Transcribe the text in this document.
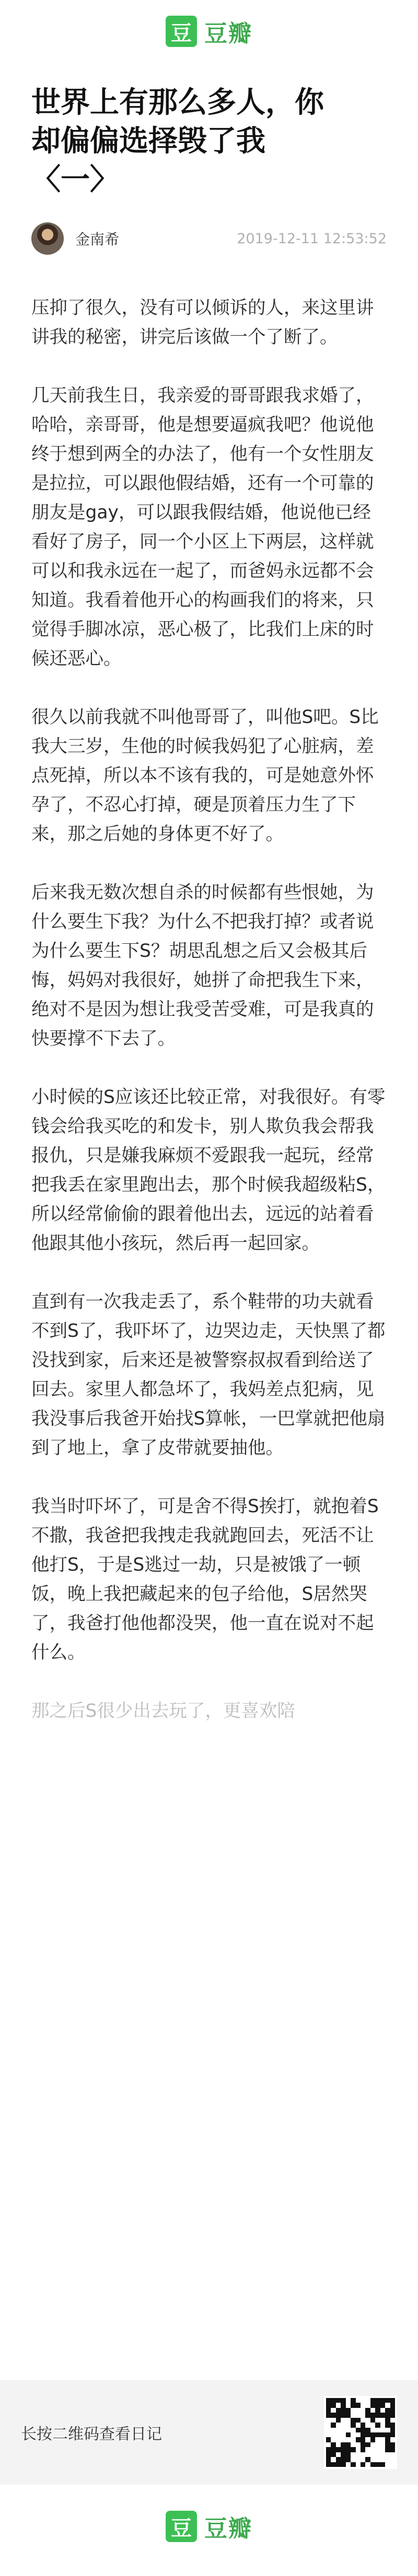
豆 豆瓣
世界上有那么多人，你
却偏偏选择毁了我
〈一〉
金南希	2019-12-11 12:53:52

压抑了很久，没有可以倾诉的人，来这里讲讲我的秘密，讲完后该做一个了断了。

几天前我生日，我亲爱的哥哥跟我求婚了，哈哈，亲哥哥，他是想要逼疯我吧？他说他终于想到两全的办法了，他有一个女性朋友是拉拉，可以跟他假结婚，还有一个可靠的朋友是gay，可以跟我假结婚，他说他已经看好了房子，同一个小区上下两层，这样就可以和我永远在一起了，而爸妈永远都不会知道。我看着他开心的构画我们的将来，只觉得手脚冰凉，恶心极了，比我们上床的时候还恶心。

很久以前我就不叫他哥哥了，叫他S吧。S比我大三岁，生他的时候我妈犯了心脏病，差点死掉，所以本不该有我的，可是她意外怀孕了，不忍心打掉，硬是顶着压力生了下来，那之后她的身体更不好了。

后来我无数次想自杀的时候都有些恨她，为什么要生下我？为什么不把我打掉？或者说为什么要生下S？胡思乱想之后又会极其后悔，妈妈对我很好，她拼了命把我生下来，绝对不是因为想让我受苦受难，可是我真的快要撑不下去了。

小时候的S应该还比较正常，对我很好。有零钱会给我买吃的和发卡，别人欺负我会帮我报仇，只是嫌我麻烦不爱跟我一起玩，经常把我丢在家里跑出去，那个时候我超级粘S，所以经常偷偷的跟着他出去，远远的站着看他跟其他小孩玩，然后再一起回家。

直到有一次我走丢了，系个鞋带的功夫就看不到S了，我吓坏了，边哭边走，天快黑了都没找到家，后来还是被警察叔叔看到给送了回去。家里人都急坏了，我妈差点犯病，见我没事后我爸开始找S算帐，一巴掌就把他扇到了地上，拿了皮带就要抽他。

我当时吓坏了，可是舍不得S挨打，就抱着S不撒，我爸把我拽走我就跑回去，死活不让他打S，于是S逃过一劫，只是被饿了一顿饭，晚上我把藏起来的包子给他，S居然哭了，我爸打他他都没哭，他一直在说对不起什么。

那之后S很少出去玩了，更喜欢陪

长按二维码查看日记
豆 豆瓣
